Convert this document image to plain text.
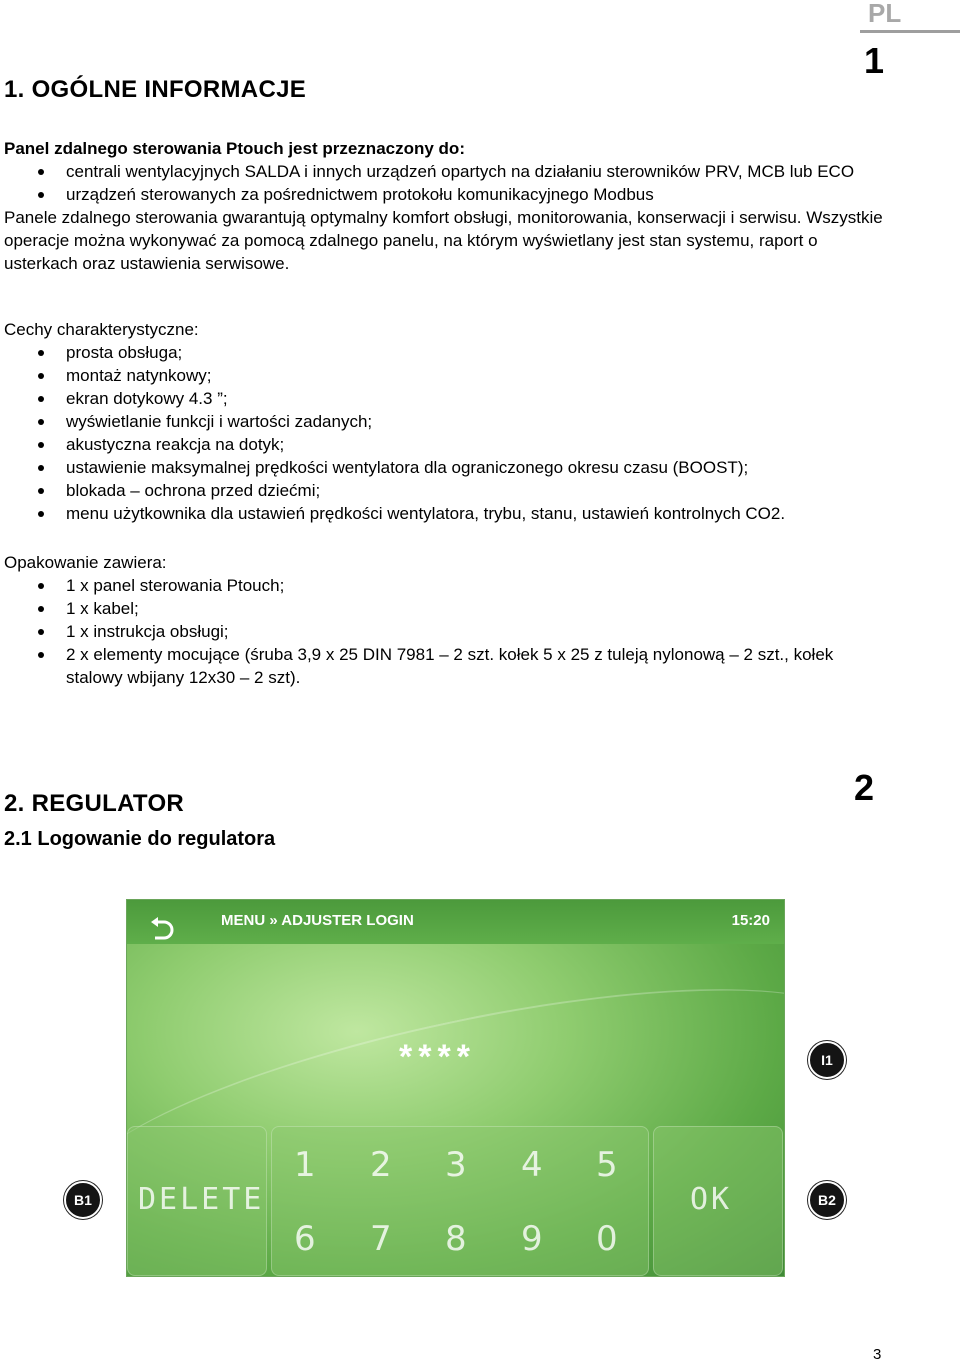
PL
1
1. OGÓLNE INFORMACJE
Panel zdalnego sterowania Ptouch jest przeznaczony do:
centrali wentylacyjnych SALDA i innych urządzeń opartych na działaniu sterowników PRV, MCB lub ECO
urządzeń sterowanych za pośrednictwem protokołu komunikacyjnego Modbus
Panele zdalnego sterowania gwarantują optymalny komfort obsługi, monitorowania, konserwacji i serwisu. Wszystkie operacje można wykonywać za pomocą zdalnego panelu, na którym wyświetlany jest stan systemu, raport o usterkach oraz ustawienia serwisowe.
Cechy charakterystyczne:
prosta obsługa;
montaż natynkowy;
ekran dotykowy 4.3 ”;
wyświetlanie funkcji i wartości zadanych;
akustyczna reakcja na dotyk;
ustawienie maksymalnej prędkości wentylatora dla ograniczonego okresu czasu (BOOST);
blokada – ochrona przed dziećmi;
menu użytkownika dla ustawień prędkości wentylatora, trybu, stanu, ustawień kontrolnych CO2.
Opakowanie zawiera:
1 x panel sterowania Ptouch;
1 x kabel;
1 x instrukcja obsługi;
2 x elementy mocujące (śruba 3,9 x 25 DIN 7981 – 2 szt. kołek 5 x 25 z tuleją nylonową – 2 szt., kołek stalowy wbijany 12x30 – 2 szt).
2
2. REGULATOR
2.1 Logowanie do regulatora
MENU » ADJUSTER LOGIN	15:20
****
DELETE
1 2 3 4 5
6 7 8 9 0
OK
I1
B1	B2
3
